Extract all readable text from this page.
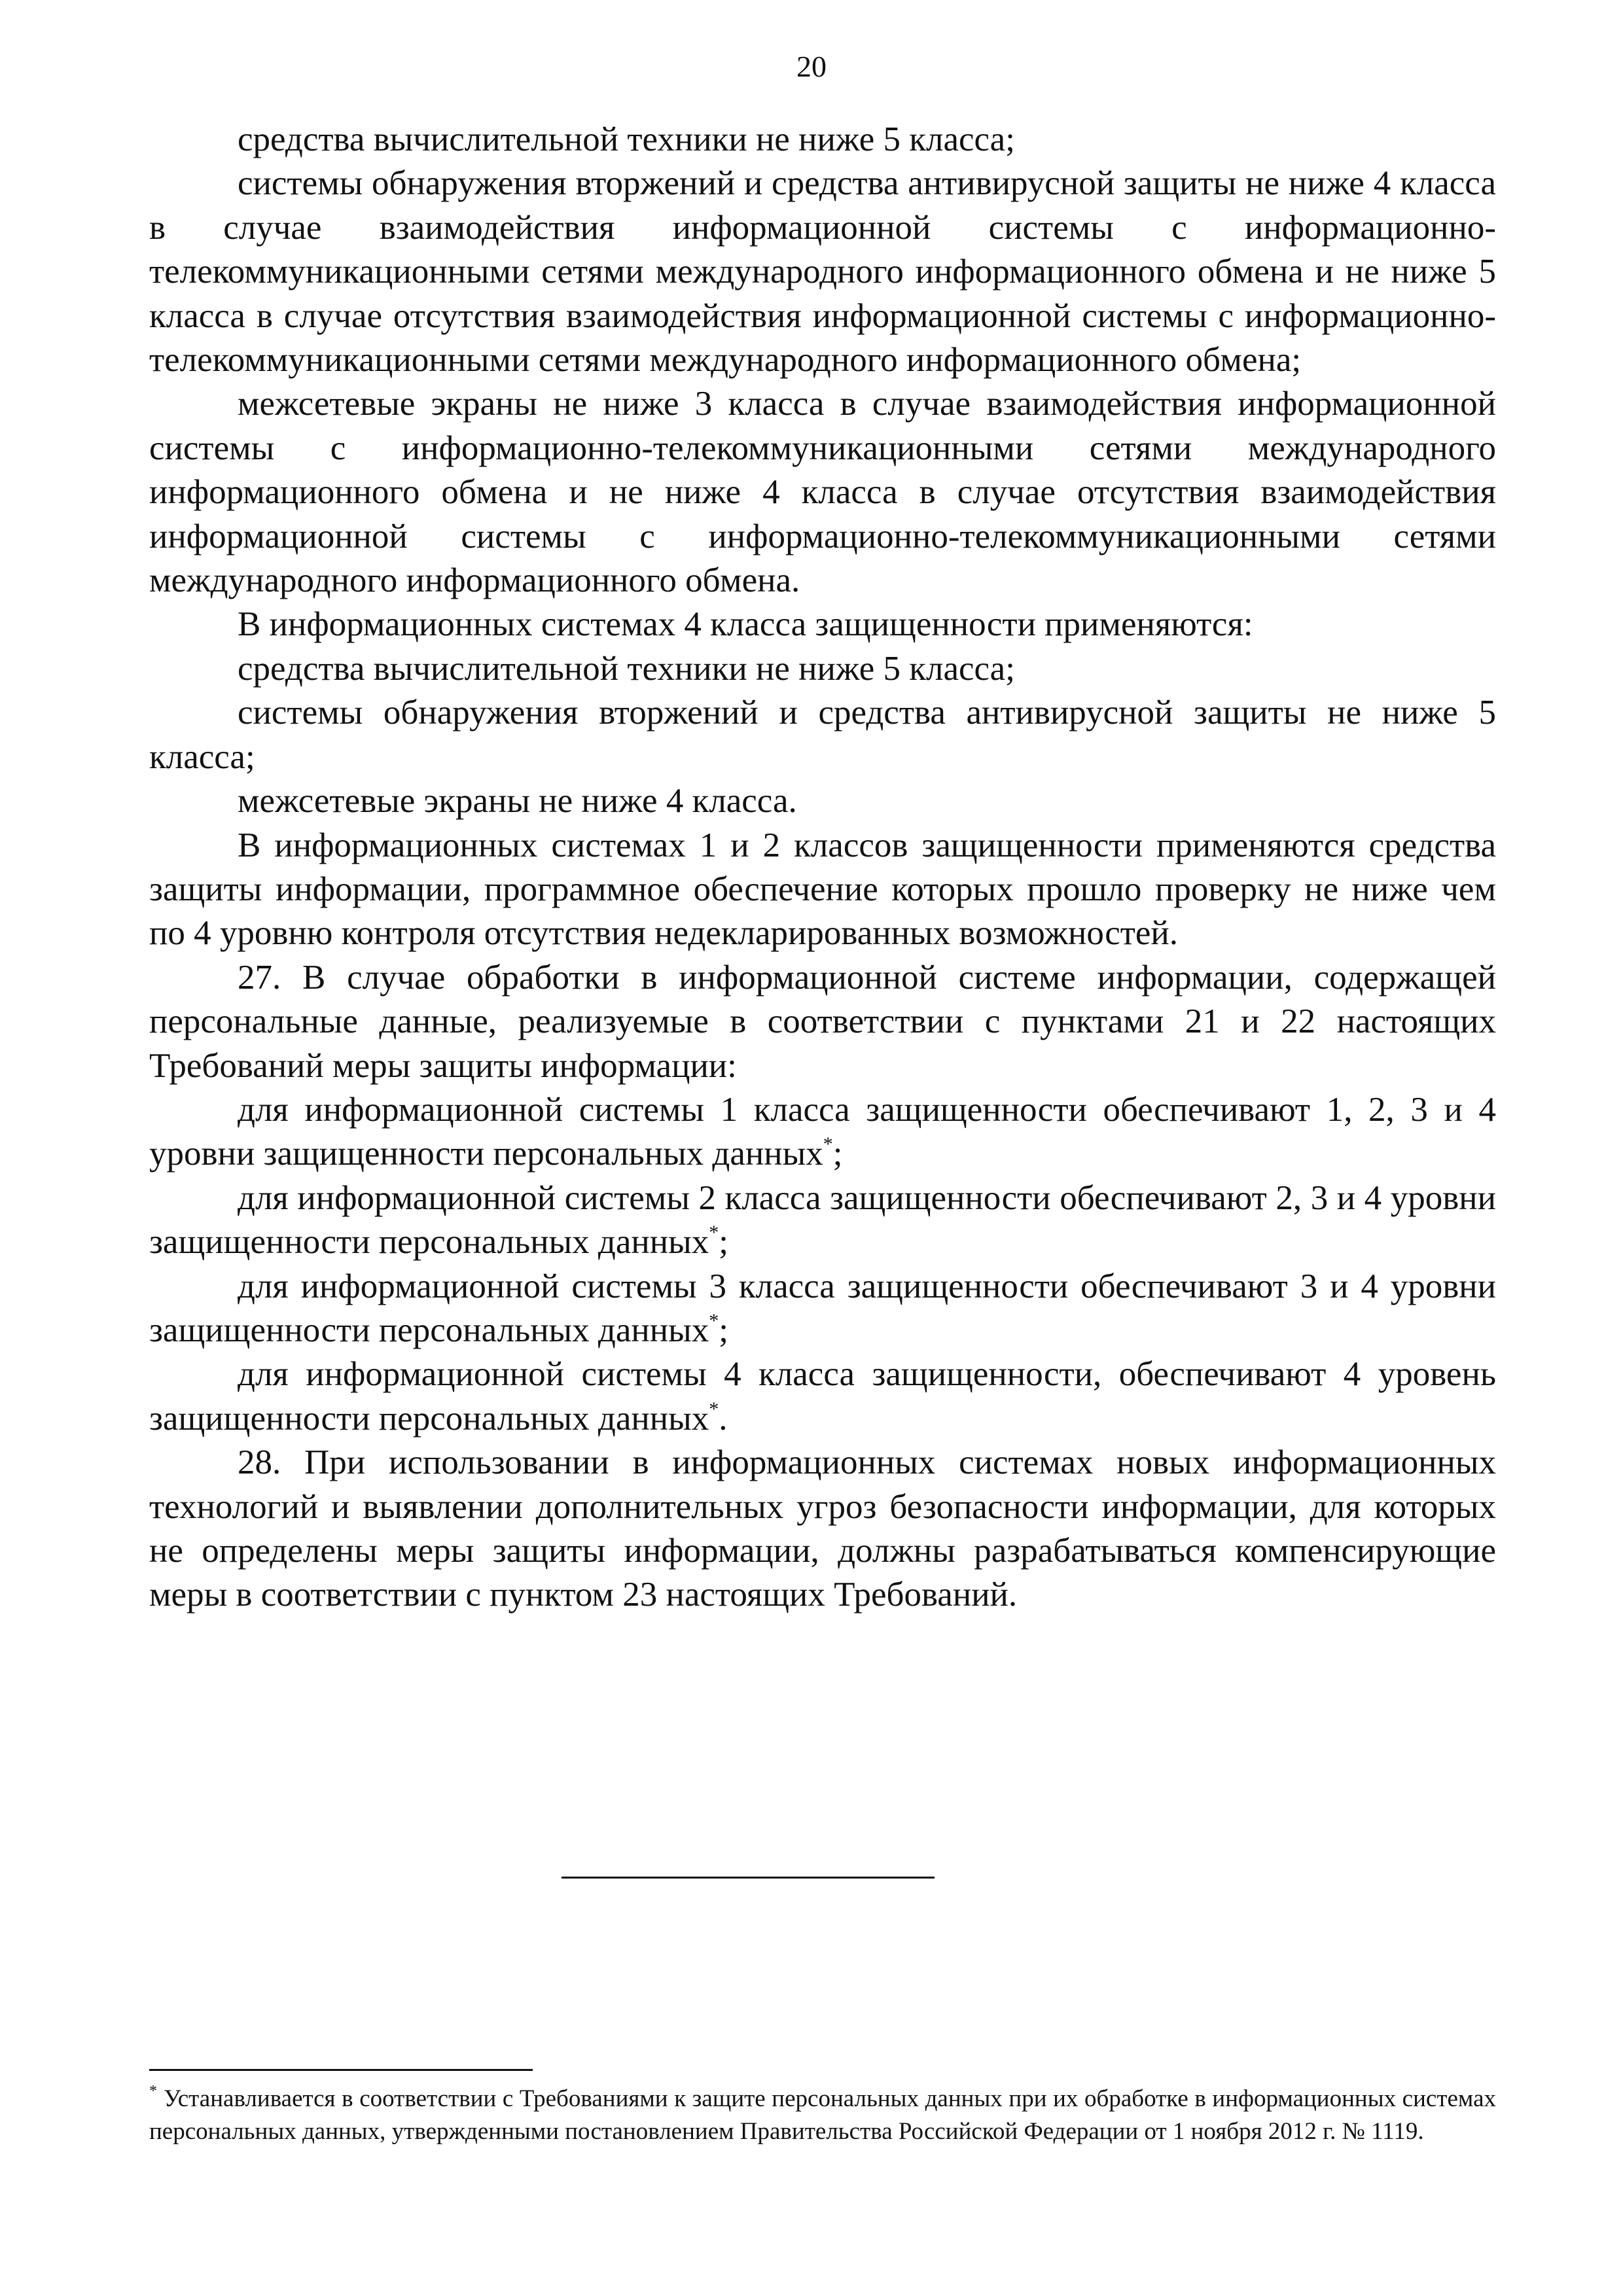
20

средства вычислительной техники не ниже 5 класса;

системы обнаружения вторжений и средства антивирусной защиты не ниже 4 класса в случае взаимодействия информационной системы с информационно-телекоммуникационными сетями международного информационного обмена и не ниже 5 класса в случае отсутствия взаимодействия информационной системы с информационно-телекоммуникационными сетями международного информационного обмена;

межсетевые экраны не ниже 3 класса в случае взаимодействия информационной системы с информационно-телекоммуникационными сетями международного информационного обмена и не ниже 4 класса в случае отсутствия взаимодействия информационной системы с информационно-телекоммуникационными сетями международного информационного обмена.

В информационных системах 4 класса защищенности применяются:

средства вычислительной техники не ниже 5 класса;

системы обнаружения вторжений и средства антивирусной защиты не ниже 5 класса;

межсетевые экраны не ниже 4 класса.

В информационных системах 1 и 2 классов защищенности применяются средства защиты информации, программное обеспечение которых прошло проверку не ниже чем по 4 уровню контроля отсутствия недекларированных возможностей.

27. В случае обработки в информационной системе информации, содержащей персональные данные, реализуемые в соответствии с пунктами 21 и 22 настоящих Требований меры защиты информации:

для информационной системы 1 класса защищенности обеспечивают 1, 2, 3 и 4 уровни защищенности персональных данных*;

для информационной системы 2 класса защищенности обеспечивают 2, 3 и 4 уровни защищенности персональных данных*;

для информационной системы 3 класса защищенности обеспечивают 3 и 4 уровни защищенности персональных данных*;

для информационной системы 4 класса защищенности, обеспечивают 4 уровень защищенности персональных данных*.

28. При использовании в информационных системах новых информационных технологий и выявлении дополнительных угроз безопасности информации, для которых не определены меры защиты информации, должны разрабатываться компенсирующие меры в соответствии с пунктом 23 настоящих Требований.

* Устанавливается в соответствии с Требованиями к защите персональных данных при их обработке в информационных системах персональных данных, утвержденными постановлением Правительства Российской Федерации от 1 ноября 2012 г. № 1119.
